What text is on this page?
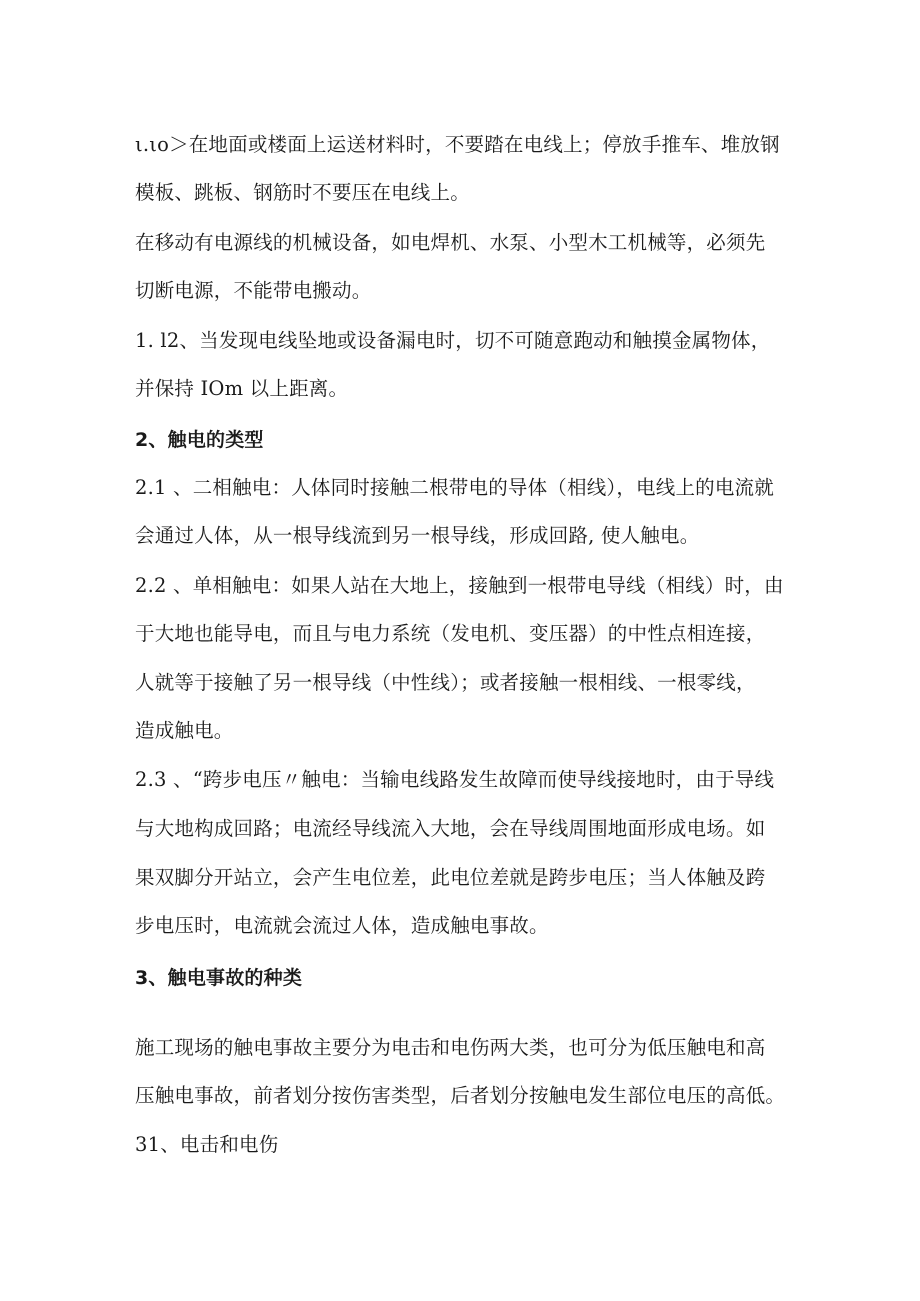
ι.ιo＞在地面或楼面上运送材料时，不要踏在电线上；停放手推车、堆放钢
模板、跳板、钢筋时不要压在电线上。
在移动有电源线的机械设备，如电焊机、水泵、小型木工机械等，必须先
切断电源，不能带电搬动。
1. l2、当发现电线坠地或设备漏电时，切不可随意跑动和触摸金属物体，
并保持 IOm 以上距离。
2、触电的类型
2.1 、二相触电：人体同时接触二根带电的导体（相线），电线上的电流就
会通过人体，从一根导线流到另一根导线，形成回路, 使人触电。
2.2 、单相触电：如果人站在大地上，接触到一根带电导线（相线）时，由
于大地也能导电，而且与电力系统（发电机、变压器）的中性点相连接，
人就等于接触了另一根导线（中性线）；或者接触一根相线、一根零线，
造成触电。
2.3 、“跨步电压〃触电：当输电线路发生故障而使导线接地时，由于导线
与大地构成回路；电流经导线流入大地，会在导线周围地面形成电场。如
果双脚分开站立，会产生电位差，此电位差就是跨步电压；当人体触及跨
步电压时，电流就会流过人体，造成触电事故。
3、触电事故的种类
施工现场的触电事故主要分为电击和电伤两大类，也可分为低压触电和高
压触电事故，前者划分按伤害类型，后者划分按触电发生部位电压的高低。
31、电击和电伤
